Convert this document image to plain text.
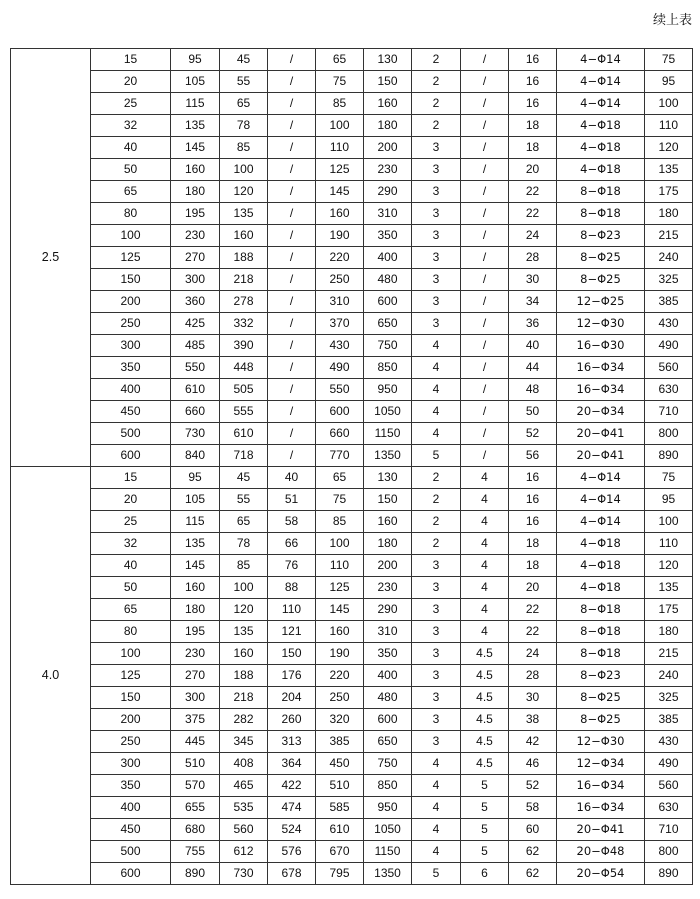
续上表
2.5	15	95	45	/	65	130	2	/	16	4−Φ14	75
	20	105	55	/	75	150	2	/	16	4−Φ14	95
	25	115	65	/	85	160	2	/	16	4−Φ14	100
	32	135	78	/	100	180	2	/	18	4−Φ18	110
	40	145	85	/	110	200	3	/	18	4−Φ18	120
	50	160	100	/	125	230	3	/	20	4−Φ18	135
	65	180	120	/	145	290	3	/	22	8−Φ18	175
	80	195	135	/	160	310	3	/	22	8−Φ18	180
	100	230	160	/	190	350	3	/	24	8−Φ23	215
	125	270	188	/	220	400	3	/	28	8−Φ25	240
	150	300	218	/	250	480	3	/	30	8−Φ25	325
	200	360	278	/	310	600	3	/	34	12−Φ25	385
	250	425	332	/	370	650	3	/	36	12−Φ30	430
	300	485	390	/	430	750	4	/	40	16−Φ30	490
	350	550	448	/	490	850	4	/	44	16−Φ34	560
	400	610	505	/	550	950	4	/	48	16−Φ34	630
	450	660	555	/	600	1050	4	/	50	20−Φ34	710
	500	730	610	/	660	1150	4	/	52	20−Φ41	800
	600	840	718	/	770	1350	5	/	56	20−Φ41	890
4.0	15	95	45	40	65	130	2	4	16	4−Φ14	75
	20	105	55	51	75	150	2	4	16	4−Φ14	95
	25	115	65	58	85	160	2	4	16	4−Φ14	100
	32	135	78	66	100	180	2	4	18	4−Φ18	110
	40	145	85	76	110	200	3	4	18	4−Φ18	120
	50	160	100	88	125	230	3	4	20	4−Φ18	135
	65	180	120	110	145	290	3	4	22	8−Φ18	175
	80	195	135	121	160	310	3	4	22	8−Φ18	180
	100	230	160	150	190	350	3	4.5	24	8−Φ18	215
	125	270	188	176	220	400	3	4.5	28	8−Φ23	240
	150	300	218	204	250	480	3	4.5	30	8−Φ25	325
	200	375	282	260	320	600	3	4.5	38	8−Φ25	385
	250	445	345	313	385	650	3	4.5	42	12−Φ30	430
	300	510	408	364	450	750	4	4.5	46	12−Φ34	490
	350	570	465	422	510	850	4	5	52	16−Φ34	560
	400	655	535	474	585	950	4	5	58	16−Φ34	630
	450	680	560	524	610	1050	4	5	60	20−Φ41	710
	500	755	612	576	670	1150	4	5	62	20−Φ48	800
	600	890	730	678	795	1350	5	6	62	20−Φ54	890
